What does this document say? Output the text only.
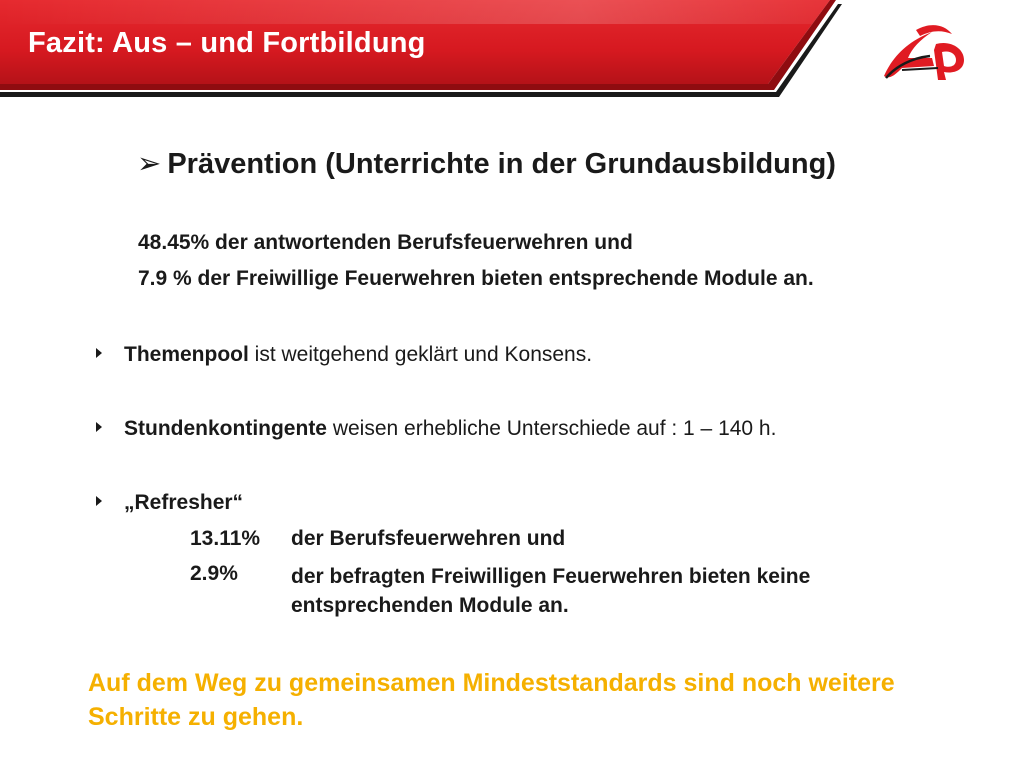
Fazit: Aus – und Fortbildung
➢ Prävention (Unterrichte in der Grundausbildung)
48.45% der antwortenden Berufsfeuerwehren und
7.9 % der Freiwillige Feuerwehren bieten entsprechende Module an.
Themenpool ist weitgehend geklärt und Konsens.
Stundenkontingente weisen erhebliche Unterschiede auf : 1 – 140 h.
„Refresher“
13.11% der Berufsfeuerwehren und
2.9%	der befragten Freiwilligen Feuerwehren bieten keine entsprechenden Module an.
Auf dem Weg zu gemeinsamen Mindeststandards sind noch weitere Schritte zu gehen.
